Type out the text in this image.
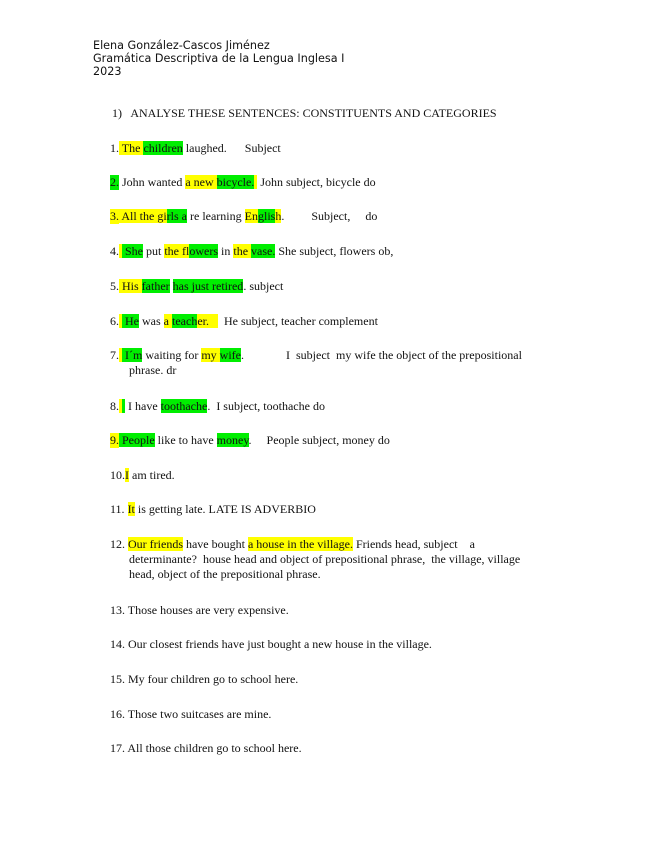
Elena González-Cascos Jiménez
Gramática Descriptiva de la Lengua Inglesa I
2023
1)   ANALYSE THESE SENTENCES: CONSTITUENTS AND CATEGORIES
1. The children laughed.      Subject
2. John wanted a new bicycle.  John subject, bicycle do
3. All the girls a re learning English.         Subject,     do
4.  She put the flowers in the vase. She subject, flowers ob,
5. His father has just retired. subject
6.  He was a teacher.     He subject, teacher complement
7.  I´m waiting for my wife.              I  subject  my wife the object of the prepositional
phrase. dr
8.   I have toothache.  I subject, toothache do
9. People like to have money.     People subject, money do
10.I am tired.
11. It is getting late. LATE IS ADVERBIO
12. Our friends have bought a house in the village. Friends head, subject    a
determinante?  house head and object of prepositional phrase,  the village, village
head, object of the prepositional phrase.
13. Those houses are very expensive.
14. Our closest friends have just bought a new house in the village.
15. My four children go to school here.
16. Those two suitcases are mine.
17. All those children go to school here.
